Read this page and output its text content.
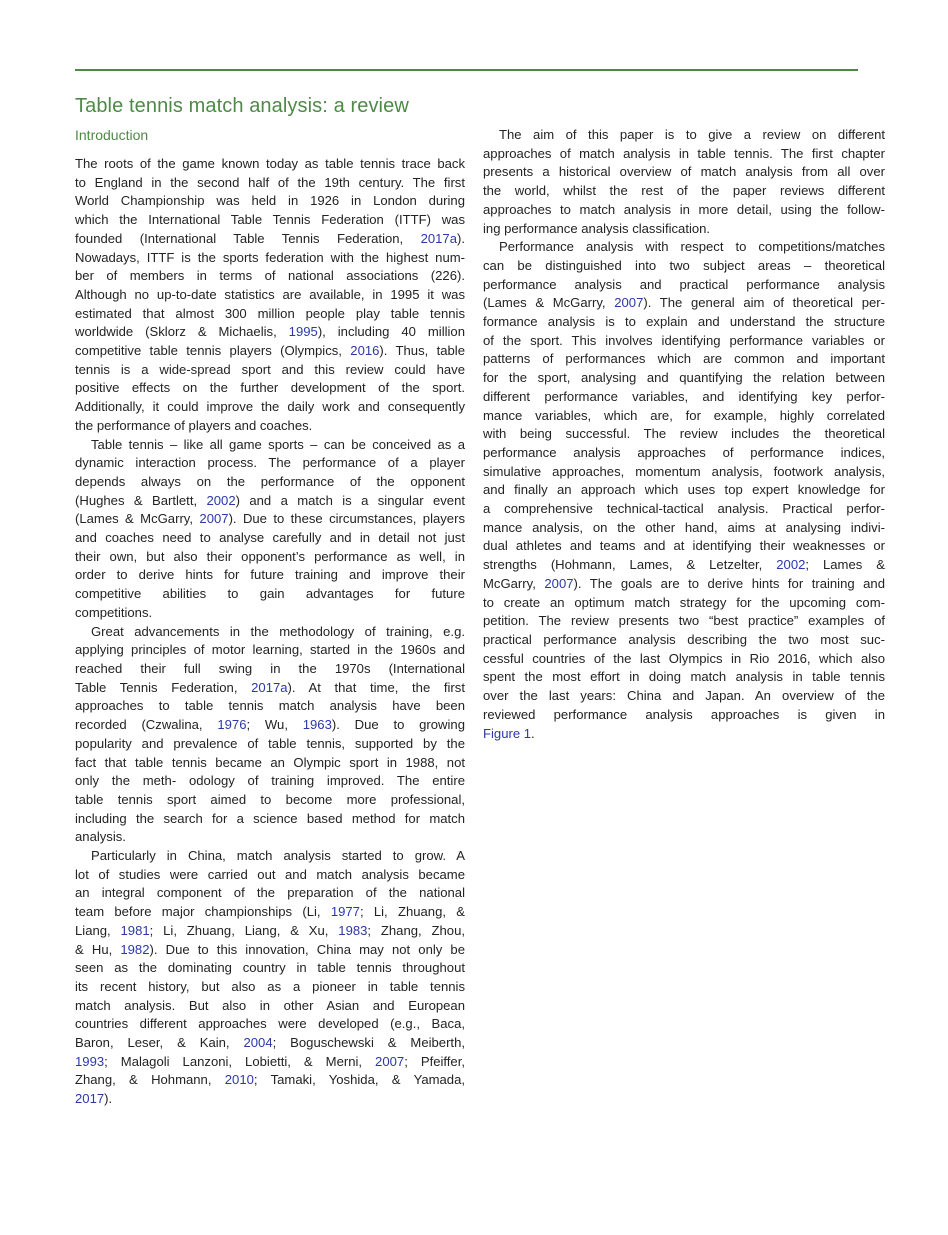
Table tennis match analysis: a review
Introduction
The roots of the game known today as table tennis trace back
to England in the second half of the 19th century. The first
World Championship was held in 1926 in London during
which the International Table Tennis Federation (ITTF) was
founded (International Table Tennis Federation, 2017a).
Nowadays, ITTF is the sports federation with the highest num-
ber of members in terms of national associations (226).
Although no up-to-date statistics are available, in 1995 it was
estimated that almost 300 million people play table tennis
worldwide (Sklorz & Michaelis, 1995), including 40 million
competitive table tennis players (Olympics, 2016). Thus, table
tennis is a wide-spread sport and this review could have
positive effects on the further development of the sport.
Additionally, it could improve the daily work and consequently
the performance of players and coaches.
Table tennis – like all game sports – can be conceived as a
dynamic interaction process. The performance of a player
depends always on the performance of the opponent
(Hughes & Bartlett, 2002) and a match is a singular event
(Lames & McGarry, 2007). Due to these circumstances, players
and coaches need to analyse carefully and in detail not just
their own, but also their opponent’s performance as well, in
order to derive hints for future training and improve their
competitive abilities to gain advantages for future
competitions.
Great advancements in the methodology of training, e.g.
applying principles of motor learning, started in the 1960s and
reached their full swing in the 1970s (International
Table Tennis Federation, 2017a). At that time, the first
approaches to table tennis match analysis have been
recorded (Czwalina, 1976; Wu, 1963). Due to growing
popularity and prevalence of table tennis, supported by the
fact that table tennis became an Olympic sport in 1988, not
only the meth- odology of training improved. The entire
table tennis sport aimed to become more professional,
including the search for a science based method for match
analysis.
Particularly in China, match analysis started to grow. A
lot of studies were carried out and match analysis became
an integral component of the preparation of the national
team before major championships (Li, 1977; Li, Zhuang, &
Liang, 1981; Li, Zhuang, Liang, & Xu, 1983; Zhang, Zhou,
& Hu, 1982). Due to this innovation, China may not only be
seen as the dominating country in table tennis throughout
its recent history, but also as a pioneer in table tennis
match analysis. But also in other Asian and European
countries different approaches were developed (e.g., Baca,
Baron, Leser, & Kain, 2004; Boguschewski & Meiberth,
1993; Malagoli Lanzoni, Lobietti, & Merni, 2007; Pfeiffer,
Zhang, & Hohmann, 2010; Tamaki, Yoshida, & Yamada,
2017).
The aim of this paper is to give a review on different
approaches of match analysis in table tennis. The first chapter
presents a historical overview of match analysis from all over
the world, whilst the rest of the paper reviews different
approaches to match analysis in more detail, using the follow-
ing performance analysis classification.
Performance analysis with respect to competitions/matches
can be distinguished into two subject areas – theoretical
performance analysis and practical performance analysis
(Lames & McGarry, 2007). The general aim of theoretical per-
formance analysis is to explain and understand the structure
of the sport. This involves identifying performance variables or
patterns of performances which are common and important
for the sport, analysing and quantifying the relation between
different performance variables, and identifying key perfor-
mance variables, which are, for example, highly correlated
with being successful. The review includes the theoretical
performance analysis approaches of performance indices,
simulative approaches, momentum analysis, footwork analysis,
and finally an approach which uses top expert knowledge for
a comprehensive technical-tactical analysis. Practical perfor-
mance analysis, on the other hand, aims at analysing indivi-
dual athletes and teams and at identifying their weaknesses or
strengths (Hohmann, Lames, & Letzelter, 2002; Lames &
McGarry, 2007). The goals are to derive hints for training and
to create an optimum match strategy for the upcoming com-
petition. The review presents two “best practice” examples of
practical performance analysis describing the two most suc-
cessful countries of the last Olympics in Rio 2016, which also
spent the most effort in doing match analysis in table tennis
over the last years: China and Japan. An overview of the
reviewed performance analysis approaches is given in
Figure 1.
